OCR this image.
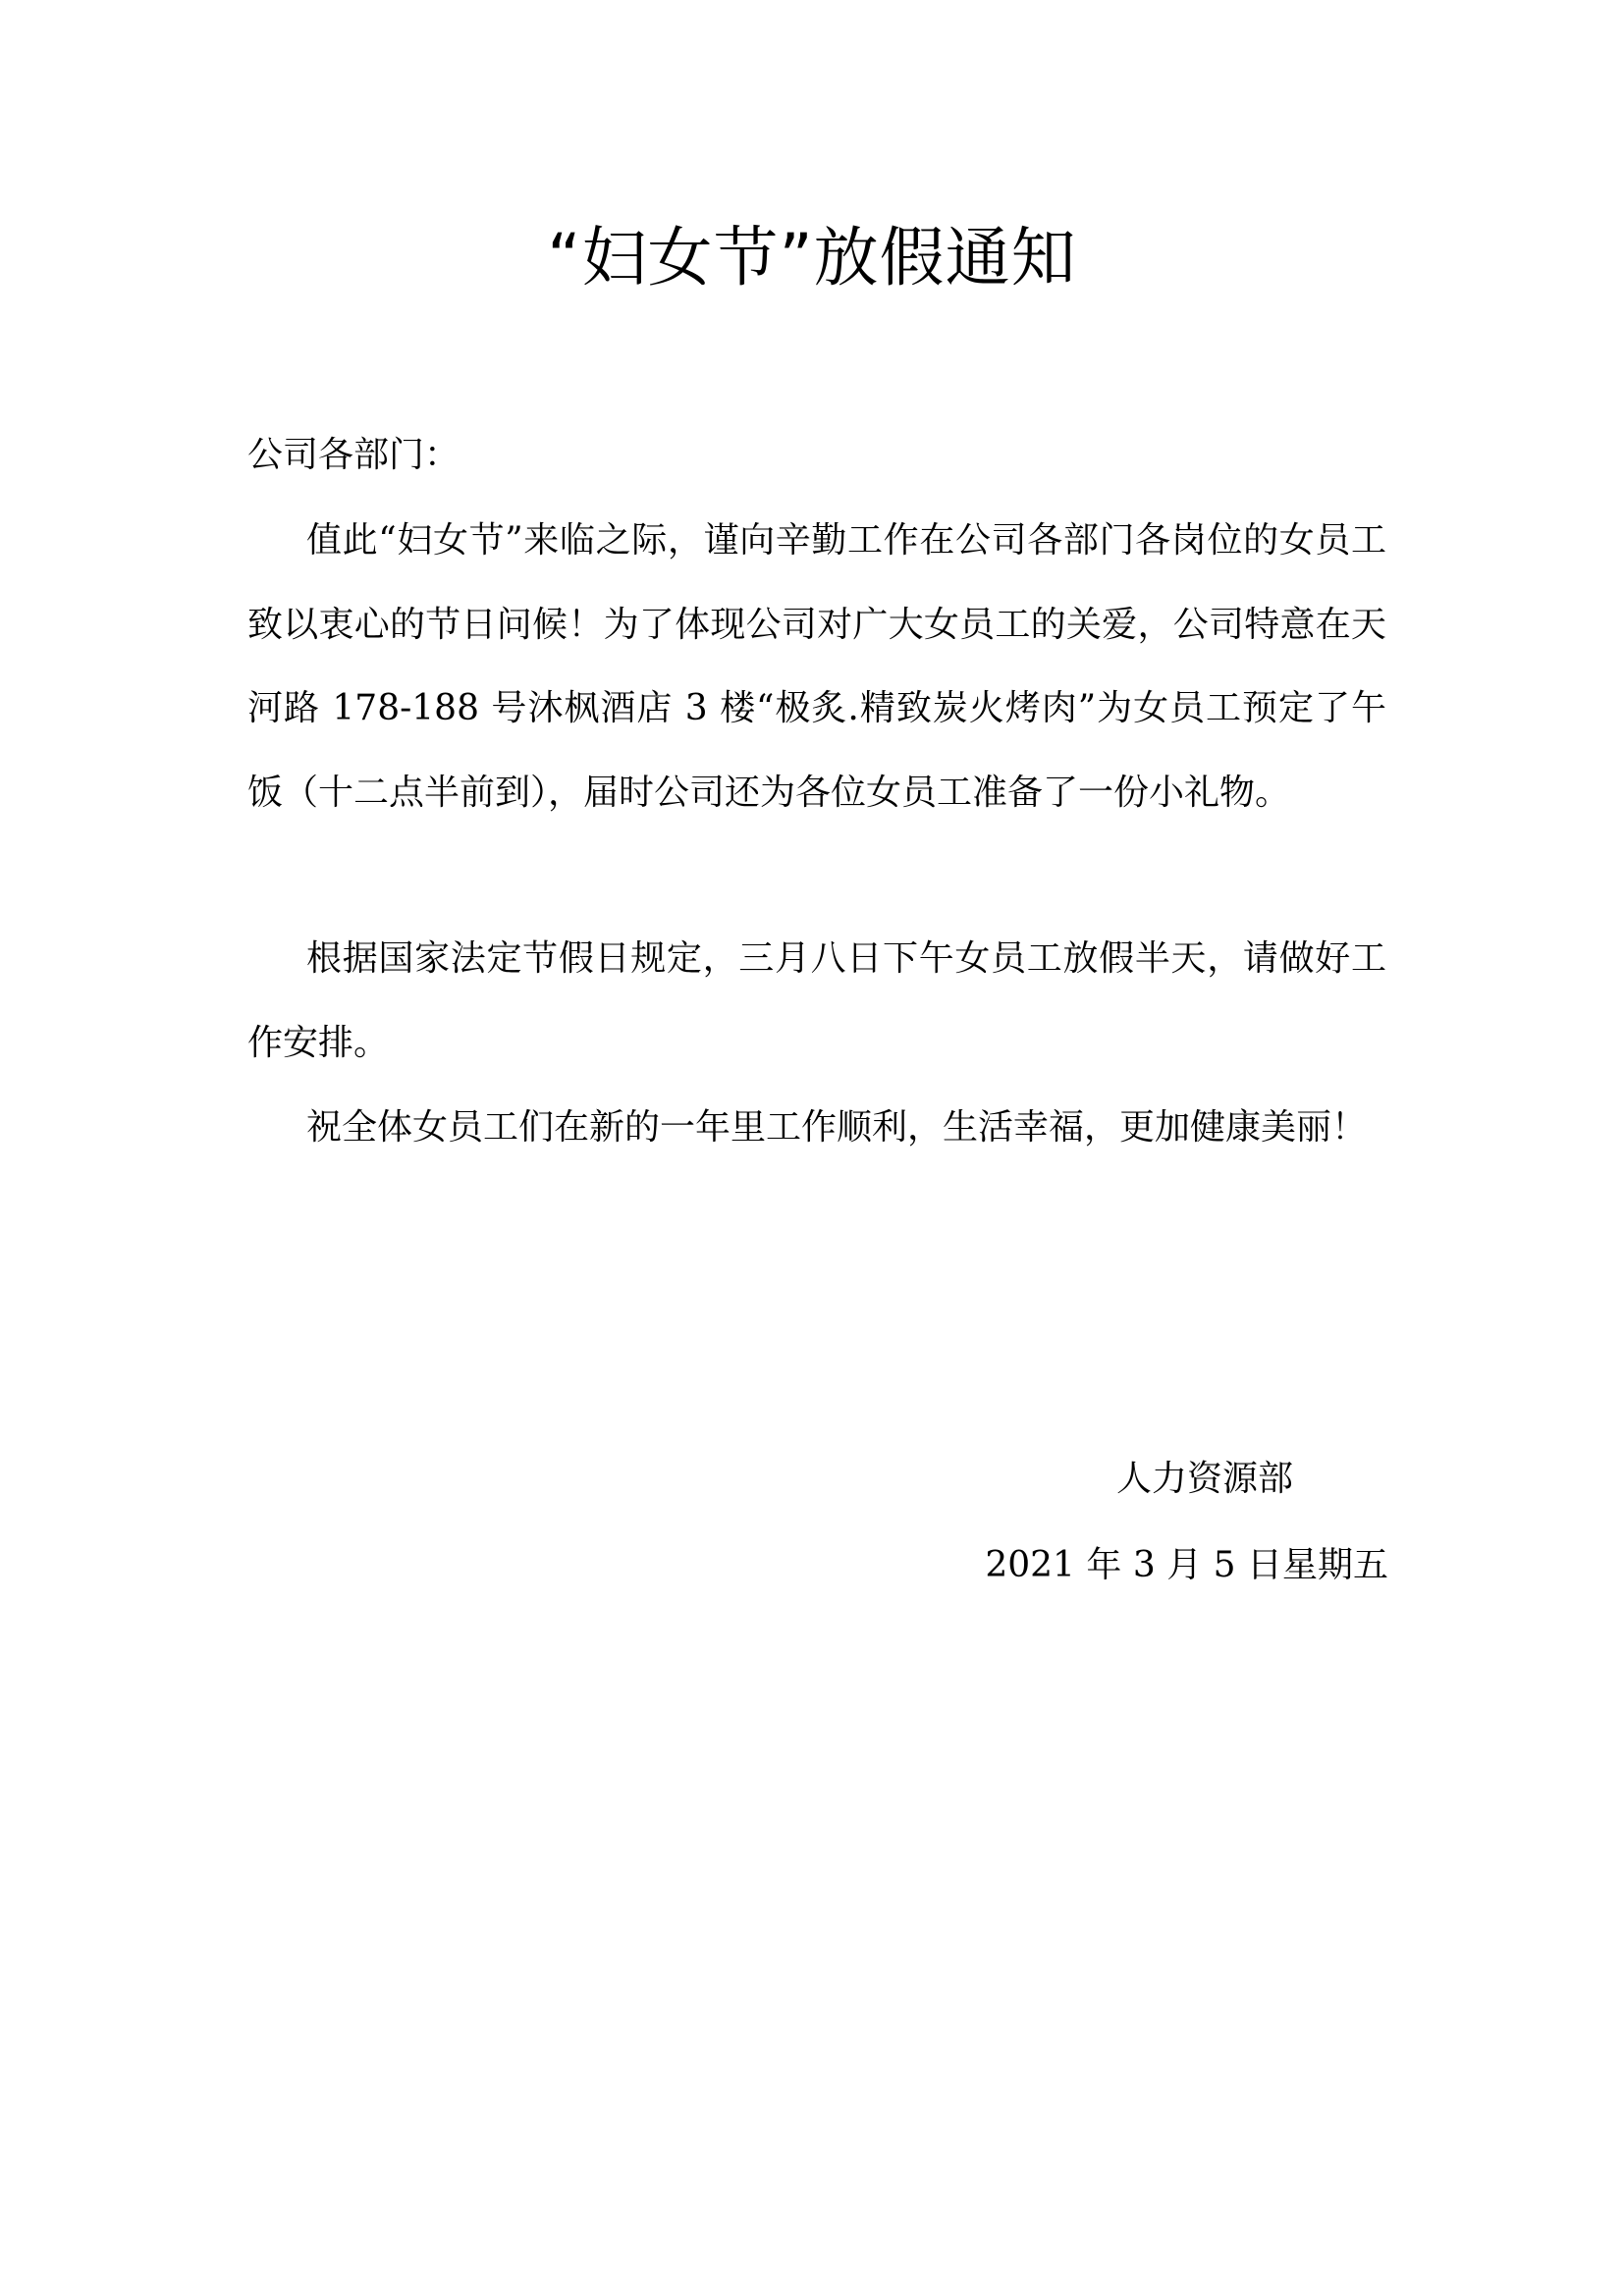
“妇女节”放假通知
公司各部门：

值此“妇女节”来临之际，谨向辛勤工作在公司各部门各岗位的女员工致以衷心的节日问候！为了体现公司对广大女员工的关爱，公司特意在天河路 178-188 号沐枫酒店 3 楼“极炙.精致炭火烤肉”为女员工预定了午饭（十二点半前到），届时公司还为各位女员工准备了一份小礼物。

根据国家法定节假日规定，三月八日下午女员工放假半天，请做好工作安排。

祝全体女员工们在新的一年里工作顺利，生活幸福，更加健康美丽！

人力资源部
2021 年 3 月 5 日星期五
